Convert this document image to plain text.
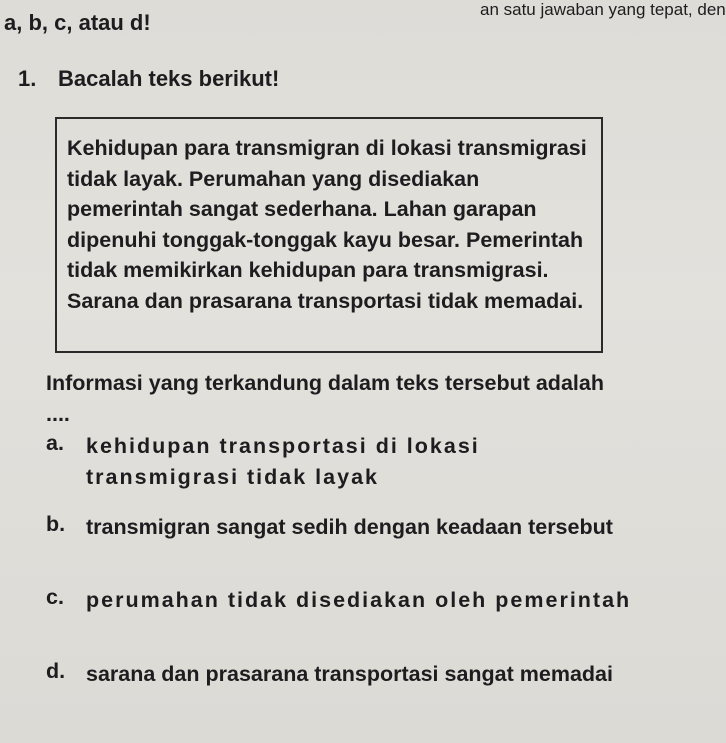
an satu jawaban yang tepat, den
a, b, c, atau d!
1. Bacalah teks berikut!
Kehidupan para transmigran di lokasi transmigrasi tidak layak. Perumahan yang disediakan pemerintah sangat sederhana. Lahan garapan dipenuhi tonggak-tonggak kayu besar. Pemerintah tidak memikirkan kehidupan para transmigrasi. Sarana dan prasarana transportasi tidak memadai.
Informasi yang terkandung dalam teks tersebut adalah ....
a. kehidupan transportasi di lokasi transmigrasi tidak layak
b. transmigran sangat sedih dengan keadaan tersebut
c. perumahan tidak disediakan oleh pemerintah
d. sarana dan prasarana transportasi sangat memadai
